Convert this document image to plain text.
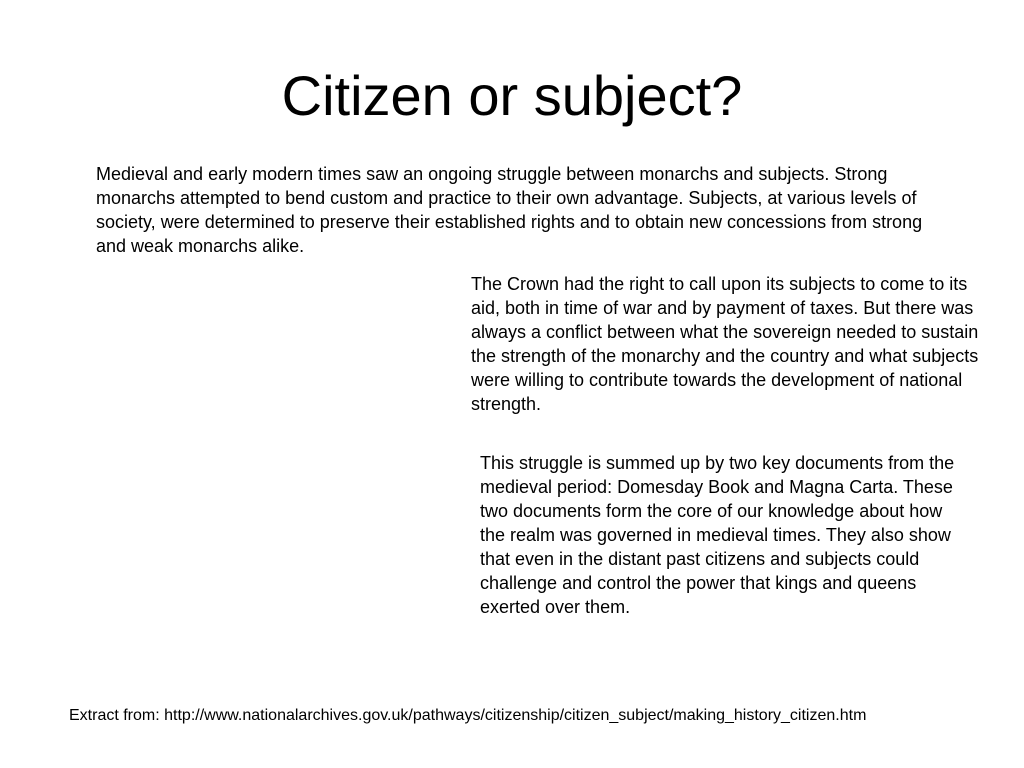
Citizen or subject?

Medieval and early modern times saw an ongoing struggle between monarchs and subjects. Strong monarchs attempted to bend custom and practice to their own advantage. Subjects, at various levels of society, were determined to preserve their established rights and to obtain new concessions from strong and weak monarchs alike.

The Crown had the right to call upon its subjects to come to its aid, both in time of war and by payment of taxes. But there was always a conflict between what the sovereign needed to sustain the strength of the monarchy and the country and what subjects were willing to contribute towards the development of national strength.

This struggle is summed up by two key documents from the medieval period: Domesday Book and Magna Carta. These two documents form the core of our knowledge about how the realm was governed in medieval times. They also show that even in the distant past citizens and subjects could challenge and control the power that kings and queens exerted over them.

Extract from: http://www.nationalarchives.gov.uk/pathways/citizenship/citizen_subject/making_history_citizen.htm
